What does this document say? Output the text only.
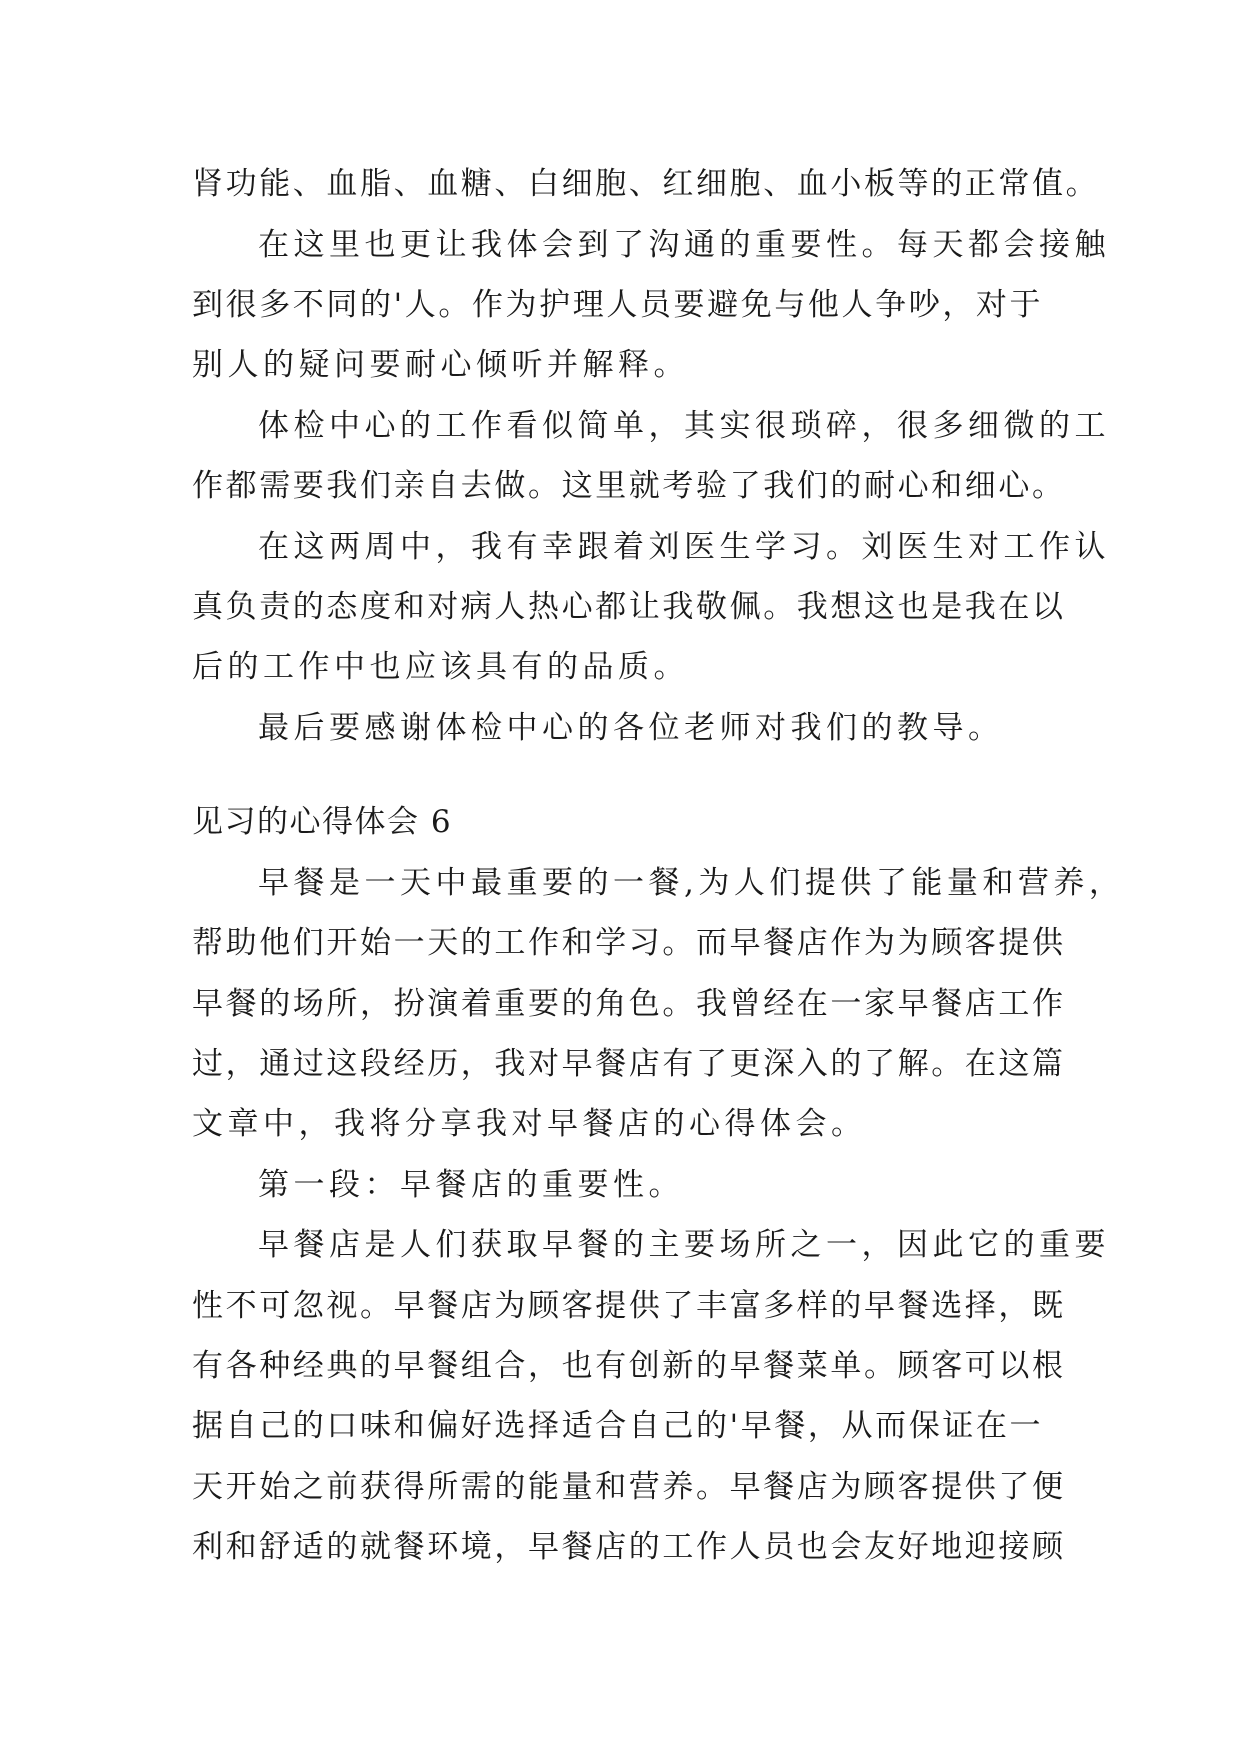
肾功能、血脂、血糖、白细胞、红细胞、血小板等的正常值。
在这里也更让我体会到了沟通的重要性。每天都会接触
到很多不同的'人。作为护理人员要避免与他人争吵，对于
别人的疑问要耐心倾听并解释。
体检中心的工作看似简单，其实很琐碎，很多细微的工
作都需要我们亲自去做。这里就考验了我们的耐心和细心。
在这两周中，我有幸跟着刘医生学习。刘医生对工作认
真负责的态度和对病人热心都让我敬佩。我想这也是我在以
后的工作中也应该具有的品质。
最后要感谢体检中心的各位老师对我们的教导。
见习的心得体会 6
早餐是一天中最重要的一餐,为人们提供了能量和营养，
帮助他们开始一天的工作和学习。而早餐店作为为顾客提供
早餐的场所，扮演着重要的角色。我曾经在一家早餐店工作
过，通过这段经历，我对早餐店有了更深入的了解。在这篇
文章中，我将分享我对早餐店的心得体会。
第一段：早餐店的重要性。
早餐店是人们获取早餐的主要场所之一，因此它的重要
性不可忽视。早餐店为顾客提供了丰富多样的早餐选择，既
有各种经典的早餐组合，也有创新的早餐菜单。顾客可以根
据自己的口味和偏好选择适合自己的'早餐，从而保证在一
天开始之前获得所需的能量和营养。早餐店为顾客提供了便
利和舒适的就餐环境，早餐店的工作人员也会友好地迎接顾
